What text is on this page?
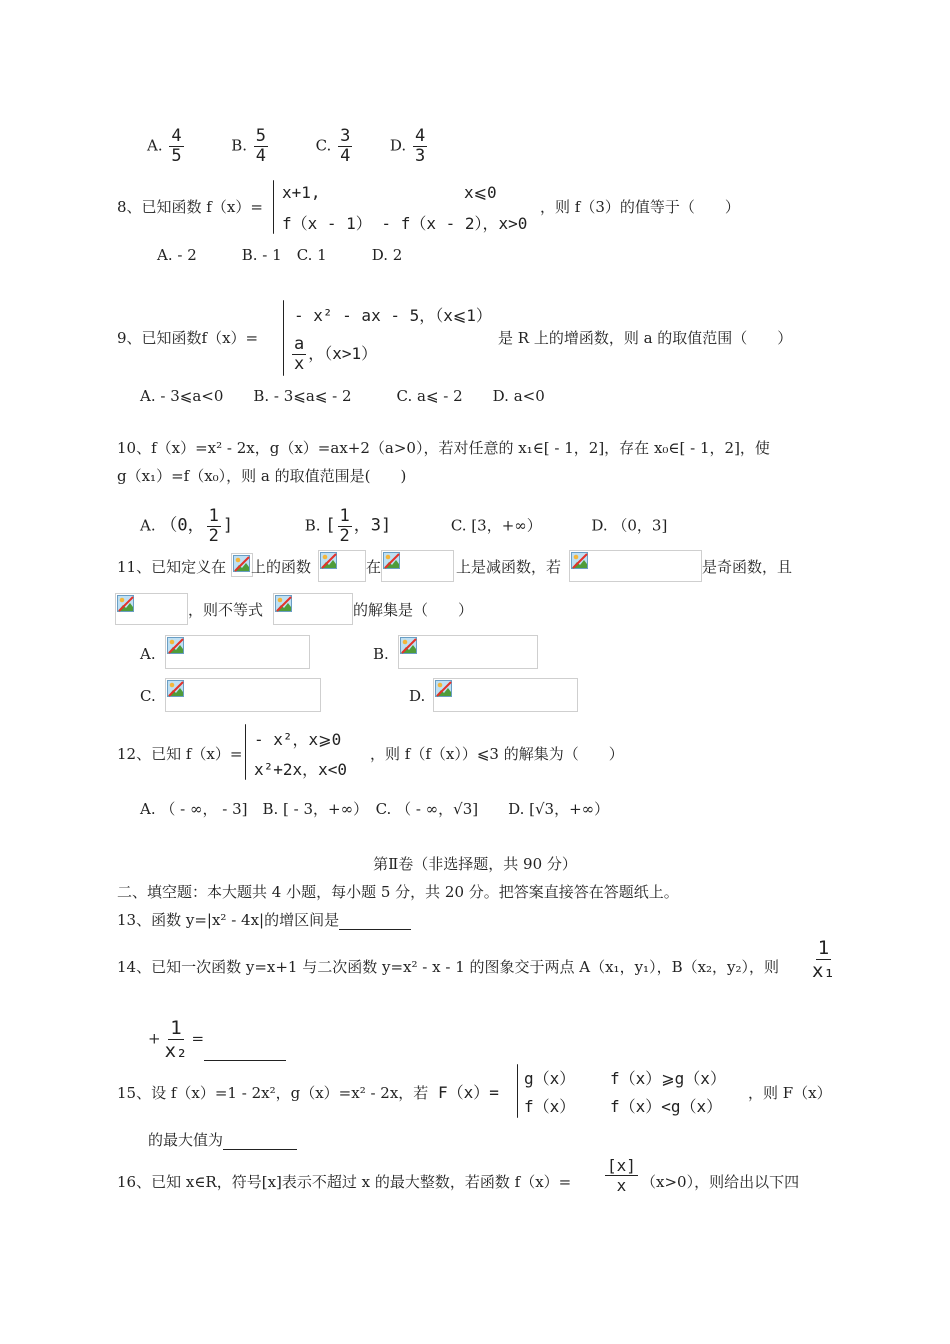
A. $\frac{4}{5}$	B. $\frac{5}{4}$	C. $\frac{3}{4}$	D. $\frac{4}{3}$
8、已知函数 f（x）=
x+1,	x⩽0
f（x - 1） - f（x - 2），x>0
，则 f（3）的值等于（　　）
A. - 2　　　B. - 1　C. 1　　　D. 2
9、已知函数f（x）=
- x² - ax - 5，（x⩽1）
$\frac{a}{x}$ ，（x>1）
是 R 上的增函数，则 a 的取值范围（　　）
A. - 3⩽a<0　　B. - 3⩽a⩽ - 2　　　C. a⩽ - 2　　D. a<0
10、f（x）=x² - 2x，g（x）=ax+2（a>0），若对任意的 x₁∈[ - 1，2]，存在 x₀∈[ - 1，2]，使
g（x₁）=f（x₀），则 a 的取值范围是(　　)
A. （0， $\frac{1}{2}$ ]	B. [ $\frac{1}{2}$ ，3]	C. [3，+∞）	D. （0，3]
11、已知定义在 上的函数	在	上是减函数，若	是奇函数，且
，则不等式	的解集是（　　）
A.	B.
C.	D.
12、已知 f（x）=
- x²，x⩾0
x²+2x，x<0
，则 f（f（x））⩽3 的解集为（　　）
A. （ - ∞， - 3]　B. [ - 3，+∞）　C. （ - ∞，√3]　　D. [√3，+∞）
第Ⅱ卷（非选择题，共 90 分）
二、填空题：本大题共 4 小题，每小题 5 分，共 20 分。把答案直接答在答题纸上。
13、函数 y=|x² - 4x|的增区间是
14、已知一次函数 y=x+1 与二次函数 y=x² - x - 1 的图象交于两点 A（x₁，y₁），B（x₂，y₂），则 $\frac{1}{\text{x₁}}$
+ $\frac{1}{\text{x₂}}$ =
15、设 f（x）=1 - 2x²，g（x）=x² - 2x，若 F（x）=
g（x） f（x）⩾g（x）
f（x） f（x）<g（x）
，则 F（x）
的最大值为
16、已知 x∈R，符号[x]表示不超过 x 的最大整数，若函数 $f(x)= \frac{[x]}{x} (x>0)$，则给出以下四
